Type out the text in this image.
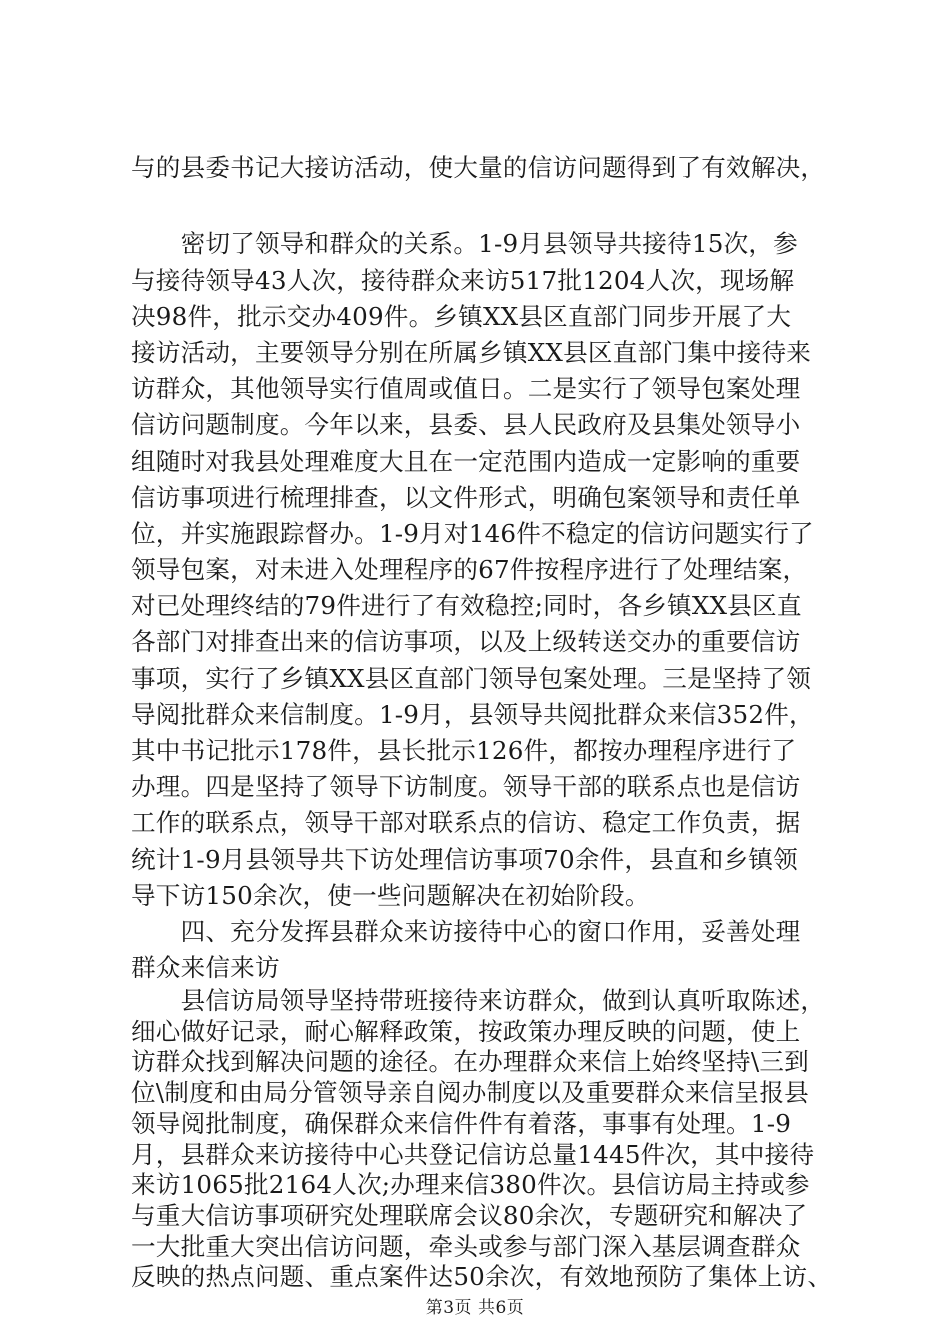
与的县委书记大接访活动，使大量的信访问题得到了有效解决，
　　密切了领导和群众的关系。1-9月县领导共接待15次，参
与接待领导43人次，接待群众来访517批1204人次，现场解
决98件，批示交办409件。乡镇XX县区直部门同步开展了大
接访活动，主要领导分别在所属乡镇XX县区直部门集中接待来
访群众，其他领导实行值周或值日。二是实行了领导包案处理
信访问题制度。今年以来，县委、县人民政府及县集处领导小
组随时对我县处理难度大且在一定范围内造成一定影响的重要
信访事项进行梳理排查，以文件形式，明确包案领导和责任单
位，并实施跟踪督办。1-9月对146件不稳定的信访问题实行了
领导包案，对未进入处理程序的67件按程序进行了处理结案，
对已处理终结的79件进行了有效稳控;同时，各乡镇XX县区直
各部门对排查出来的信访事项，以及上级转送交办的重要信访
事项，实行了乡镇XX县区直部门领导包案处理。三是坚持了领
导阅批群众来信制度。1-9月，县领导共阅批群众来信352件，
其中书记批示178件，县长批示126件，都按办理程序进行了
办理。四是坚持了领导下访制度。领导干部的联系点也是信访
工作的联系点，领导干部对联系点的信访、稳定工作负责，据
统计1-9月县领导共下访处理信访事项70余件，县直和乡镇领
导下访150余次，使一些问题解决在初始阶段。
　　四、充分发挥县群众来访接待中心的窗口作用，妥善处理
群众来信来访
　　县信访局领导坚持带班接待来访群众，做到认真听取陈述，
细心做好记录，耐心解释政策，按政策办理反映的问题，使上
访群众找到解决问题的途径。在办理群众来信上始终坚持\三到
位\制度和由局分管领导亲自阅办制度以及重要群众来信呈报县
领导阅批制度，确保群众来信件件有着落，事事有处理。1-9
月，县群众来访接待中心共登记信访总量1445件次，其中接待
来访1065批2164人次;办理来信380件次。县信访局主持或参
与重大信访事项研究处理联席会议80余次，专题研究和解决了
第3页 共6页
一大批重大突出信访问题，牵头或参与部门深入基层调查群众
反映的热点问题、重点案件达50余次，有效地预防了集体上访、
